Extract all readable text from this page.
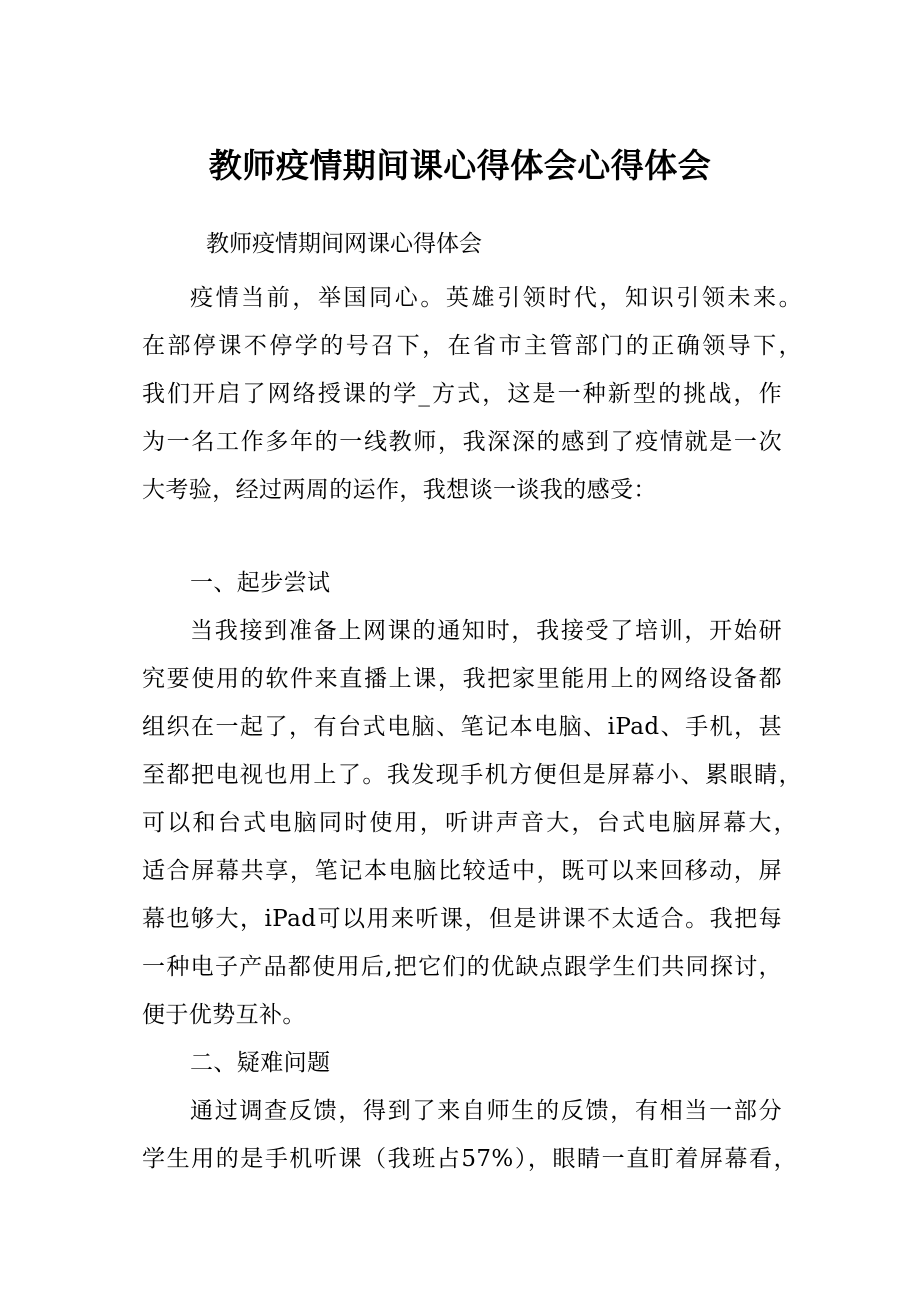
教师疫情期间课心得体会心得体会
教师疫情期间网课心得体会
疫情当前，举国同心。英雄引领时代，知识引领未来。
在部停课不停学的号召下，在省市主管部门的正确领导下，
我们开启了网络授课的学_方式，这是一种新型的挑战，作
为一名工作多年的一线教师，我深深的感到了疫情就是一次
大考验，经过两周的运作，我想谈一谈我的感受：
一、起步尝试
当我接到准备上网课的通知时，我接受了培训，开始研
究要使用的软件来直播上课，我把家里能用上的网络设备都
组织在一起了，有台式电脑、笔记本电脑、iPad、手机，甚
至都把电视也用上了。我发现手机方便但是屏幕小、累眼睛，
可以和台式电脑同时使用，听讲声音大，台式电脑屏幕大，
适合屏幕共享，笔记本电脑比较适中，既可以来回移动，屏
幕也够大，iPad可以用来听课，但是讲课不太适合。我把每
一种电子产品都使用后,把它们的优缺点跟学生们共同探讨，
便于优势互补。
二、疑难问题
通过调查反馈，得到了来自师生的反馈，有相当一部分
学生用的是手机听课（我班占57%），眼睛一直盯着屏幕看，
